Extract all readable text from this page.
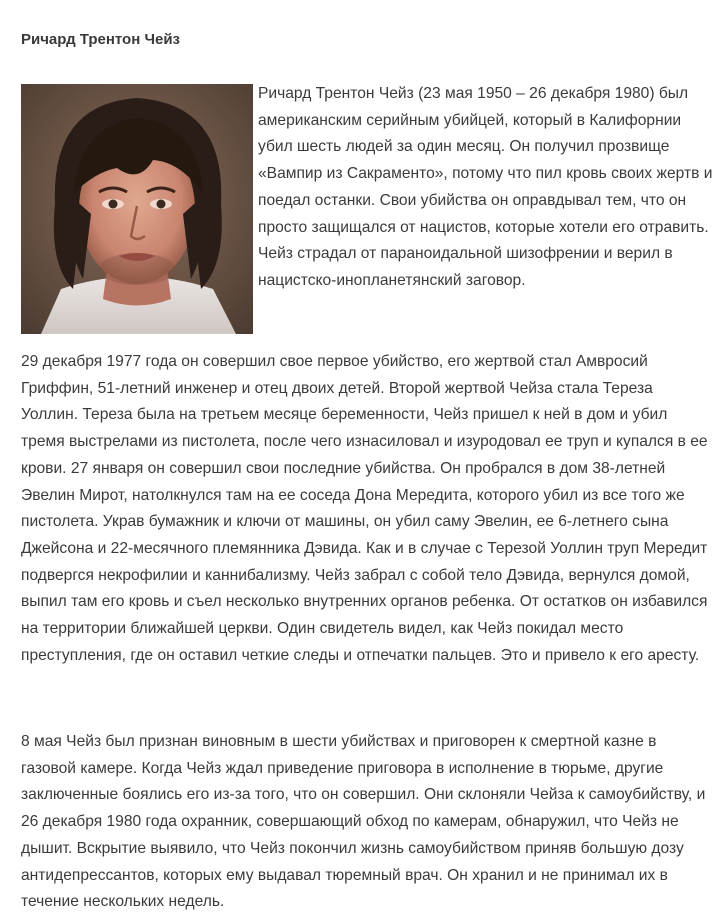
Ричард Трентон Чейз

Ричард Трентон Чейз (23 мая 1950 – 26 декабря 1980) был американским серийным убийцей, который в Калифорнии убил шесть людей за один месяц. Он получил прозвище «Вампир из Сакраменто», потому что пил кровь своих жертв и поедал останки. Свои убийства он оправдывал тем, что он просто защищался от нацистов, которые хотели его отравить. Чейз страдал от параноидальной шизофрении и верил в нацистско-инопланетянский заговор.

29 декабря 1977 года он совершил свое первое убийство, его жертвой стал Амвросий Гриффин, 51-летний инженер и отец двоих детей. Второй жертвой Чейза стала Тереза Уоллин. Тереза была на третьем месяце беременности, Чейз пришел к ней в дом и убил тремя выстрелами из пистолета, после чего изнасиловал и изуродовал ее труп и купался в ее крови. 27 января он совершил свои последние убийства. Он пробрался в дом 38-летней Эвелин Мирот, натолкнулся там на ее соседа Дона Мередита, которого убил из все того же пистолета. Украв бумажник и ключи от машины, он убил саму Эвелин, ее 6-летнего сына Джейсона и 22-месячного племянника Дэвида. Как и в случае с Терезой Уоллин труп Мередит подвергся некрофилии и каннибализму. Чейз забрал с собой тело Дэвида, вернулся домой, выпил там его кровь и съел несколько внутренних органов ребенка. От остатков он избавился на территории ближайшей церкви. Один свидетель видел, как Чейз покидал место преступления, где он оставил четкие следы и отпечатки пальцев. Это и привело к его аресту.

8 мая Чейз был признан виновным в шести убийствах и приговорен к смертной казне в газовой камере. Когда Чейз ждал приведение приговора в исполнение в тюрьме, другие заключенные боялись его из-за того, что он совершил. Они склоняли Чейза к самоубийству, и 26 декабря 1980 года охранник, совершающий обход по камерам, обнаружил, что Чейз не дышит. Вскрытие выявило, что Чейз покончил жизнь самоубийством приняв большую дозу антидепрессантов, которых ему выдавал тюремный врач. Он хранил и не принимал их в течение нескольких недель.
